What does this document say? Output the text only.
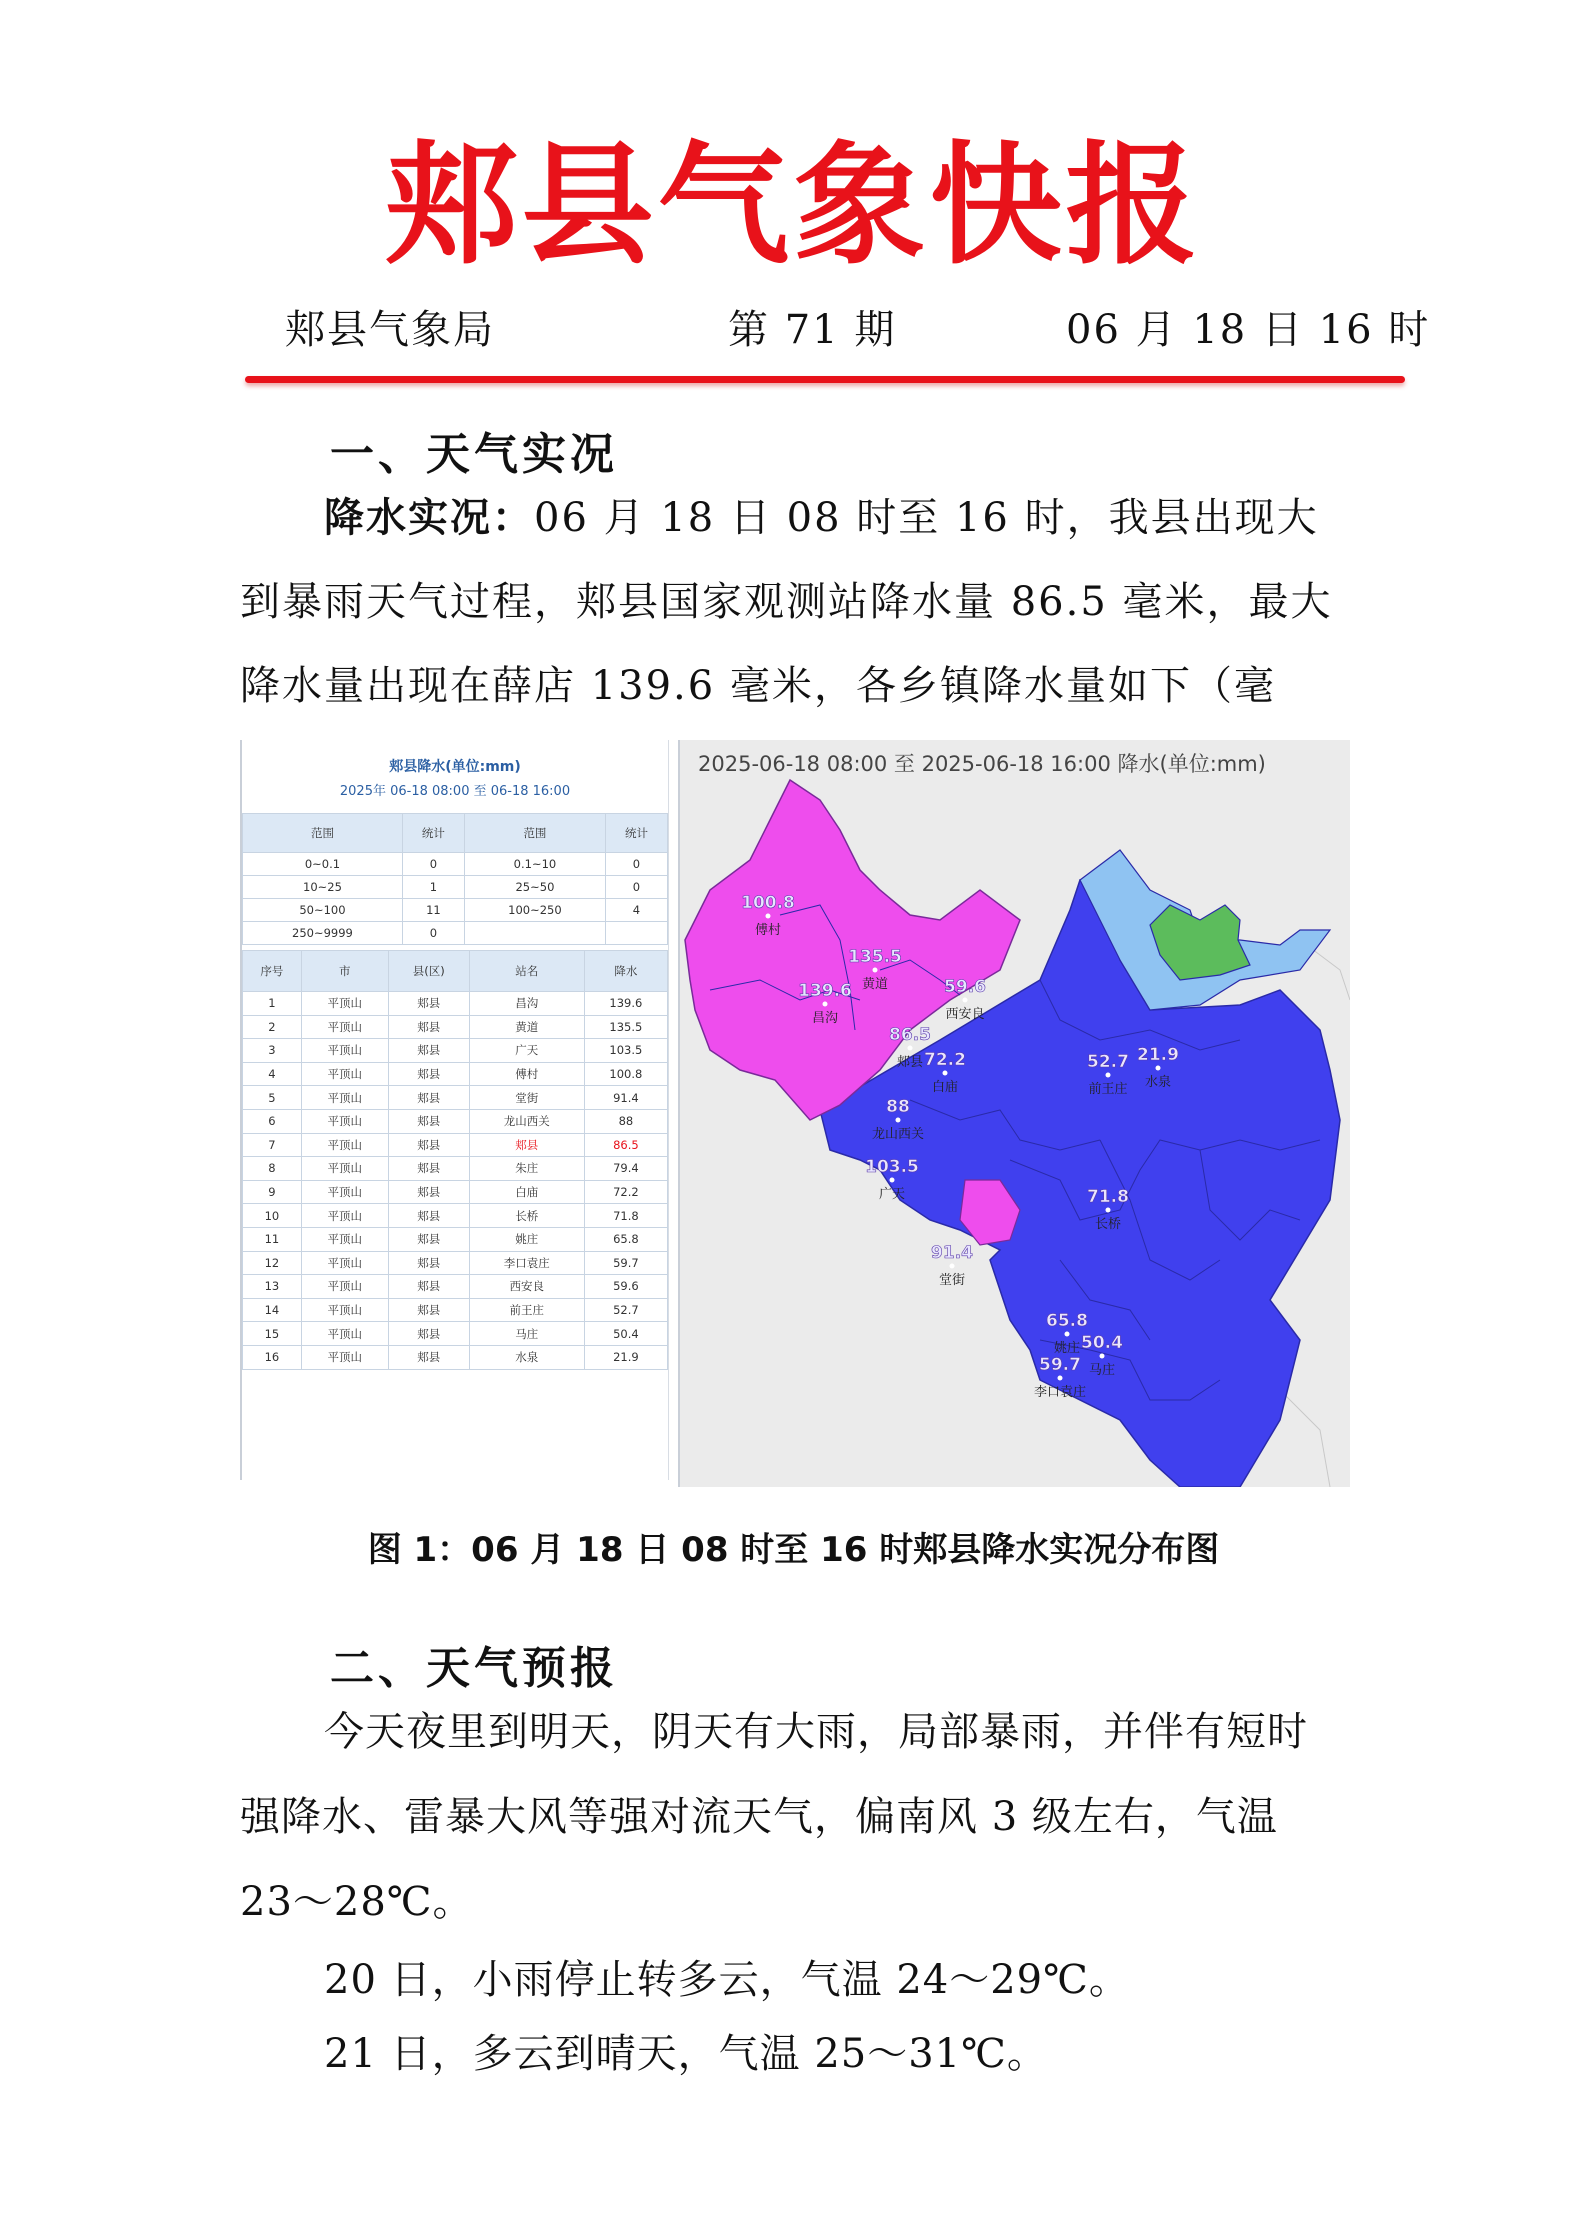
郏县气象快报
郏县气象局	第 71 期	06 月 18 日 16 时
一、天气实况

降水实况：06 月 18 日 08 时至 16 时，我县出现大到暴雨天气过程，郏县国家观测站降水量 86.5 毫米，最大降水量出现在薛店 139.6 毫米，各乡镇降水量如下（毫

郏县降水(单位:mm)
2025年 06-18 08:00 至 06-18 16:00
范围	统计	范围	统计
0~0.1	0	0.1~10	0
10~25	1	25~50	0
50~100	11	100~250	4
250~9999	0		
序号	市	县(区)	站名	降水
1	平顶山	郏县	昌沟	139.6
2	平顶山	郏县	黄道	135.5
3	平顶山	郏县	广天	103.5
4	平顶山	郏县	傅村	100.8
5	平顶山	郏县	堂街	91.4
6	平顶山	郏县	龙山西关	88
7	平顶山	郏县	郏县	86.5
8	平顶山	郏县	朱庄	79.4
9	平顶山	郏县	白庙	72.2
10	平顶山	郏县	长桥	71.8
11	平顶山	郏县	姚庄	65.8
12	平顶山	郏县	李口袁庄	59.7
13	平顶山	郏县	西安良	59.6
14	平顶山	郏县	前王庄	52.7
15	平顶山	郏县	马庄	50.4
16	平顶山	郏县	水泉	21.9
100.8
傅村
135.5
黄道
139.6
昌沟
21.9
水泉
59.6
西安良
86.5
郏县 72.2
白庙
52.7
前王庄
88
龙山西关
103.5
广天	71.8
长桥
91.4
堂街
65.8
姚庄 50.4
马庄
59.7
李口袁庄
2025-06-18 08:00 至 2025-06-18 16:00 降水(单位:mm)
图 1：06 月 18 日 08 时至 16 时郏县降水实况分布图
二、天气预报

今天夜里到明天，阴天有大雨，局部暴雨，并伴有短时强降水、雷暴大风等强对流天气，偏南风 3 级左右，气温 23～28℃。

20 日，小雨停止转多云，气温 24～29℃。

21 日，多云到晴天，气温 25～31℃。
